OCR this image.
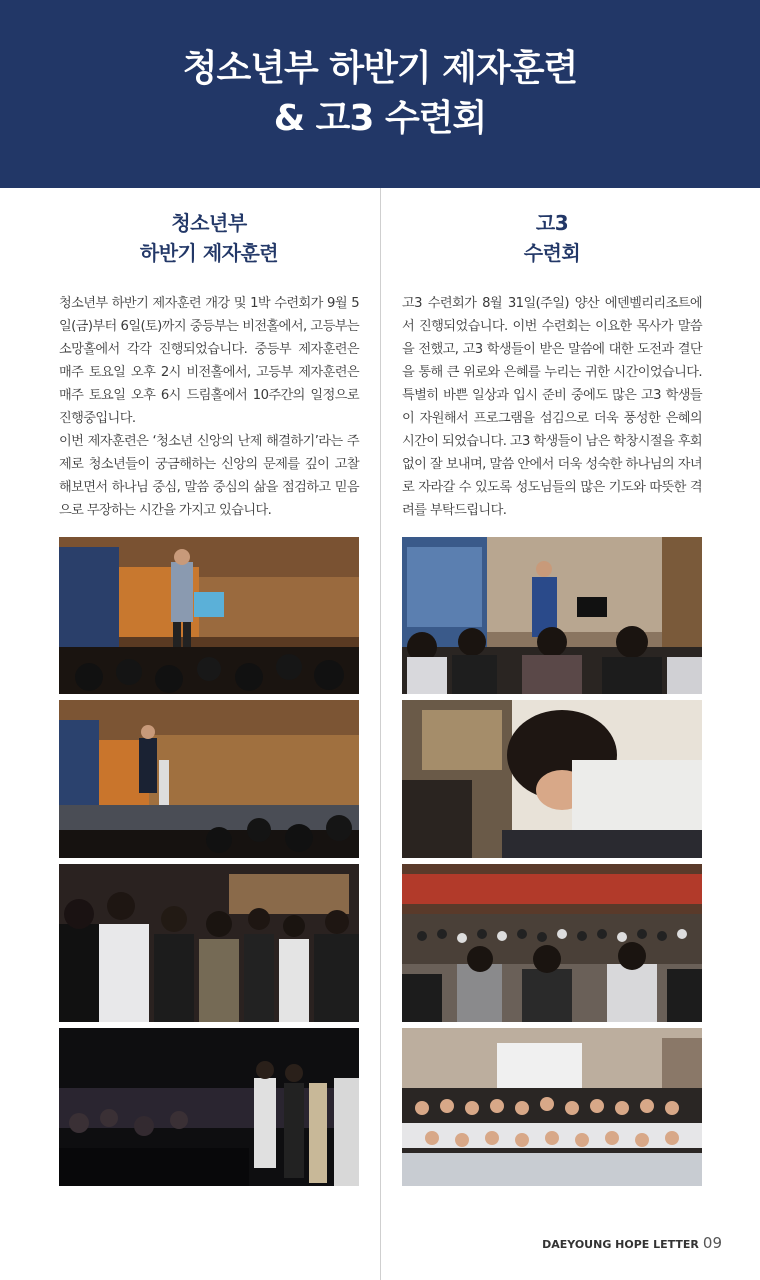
청소년부 하반기 제자훈련
& 고3 수련회
청소년부
하반기 제자훈련

청소년부 하반기 제자훈련 개강 및 1박 수련회가 9월 5일(금)부터 6일(토)까지 중등부는 비전홀에서, 고등부는 소망홀에서 각각 진행되었습니다. 중등부 제자훈련은 매주 토요일 오후 2시 비전홀에서, 고등부 제자훈련은 매주 토요일 오후 6시 드림홀에서 10주간의 일정으로 진행중입니다.

이번 제자훈련은 ‘청소년 신앙의 난제 해결하기’라는 주제로 청소년들이 궁금해하는 신앙의 문제를 깊이 고찰해보면서 하나님 중심, 말씀 중심의 삶을 점검하고 믿음으로 무장하는 시간을 가지고 있습니다.

고3
수련회

고3 수련회가 8월 31일(주일) 양산 에덴벨리리조트에서 진행되었습니다. 이번 수련회는 이요한 목사가 말씀을 전했고, 고3 학생들이 받은 말씀에 대한 도전과 결단을 통해 큰 위로와 은혜를 누리는 귀한 시간이었습니다. 특별히 바쁜 일상과 입시 준비 중에도 많은 고3 학생들이 자원해서 프로그램을 섬김으로 더욱 풍성한 은혜의 시간이 되었습니다. 고3 학생들이 남은 학창시절을 후회 없이 잘 보내며, 말씀 안에서 더욱 성숙한 하나님의 자녀로 자라갈 수 있도록 성도님들의 많은 기도와 따뜻한 격려를 부탁드립니다.

DAEYOUNG HOPE LETTER 09
